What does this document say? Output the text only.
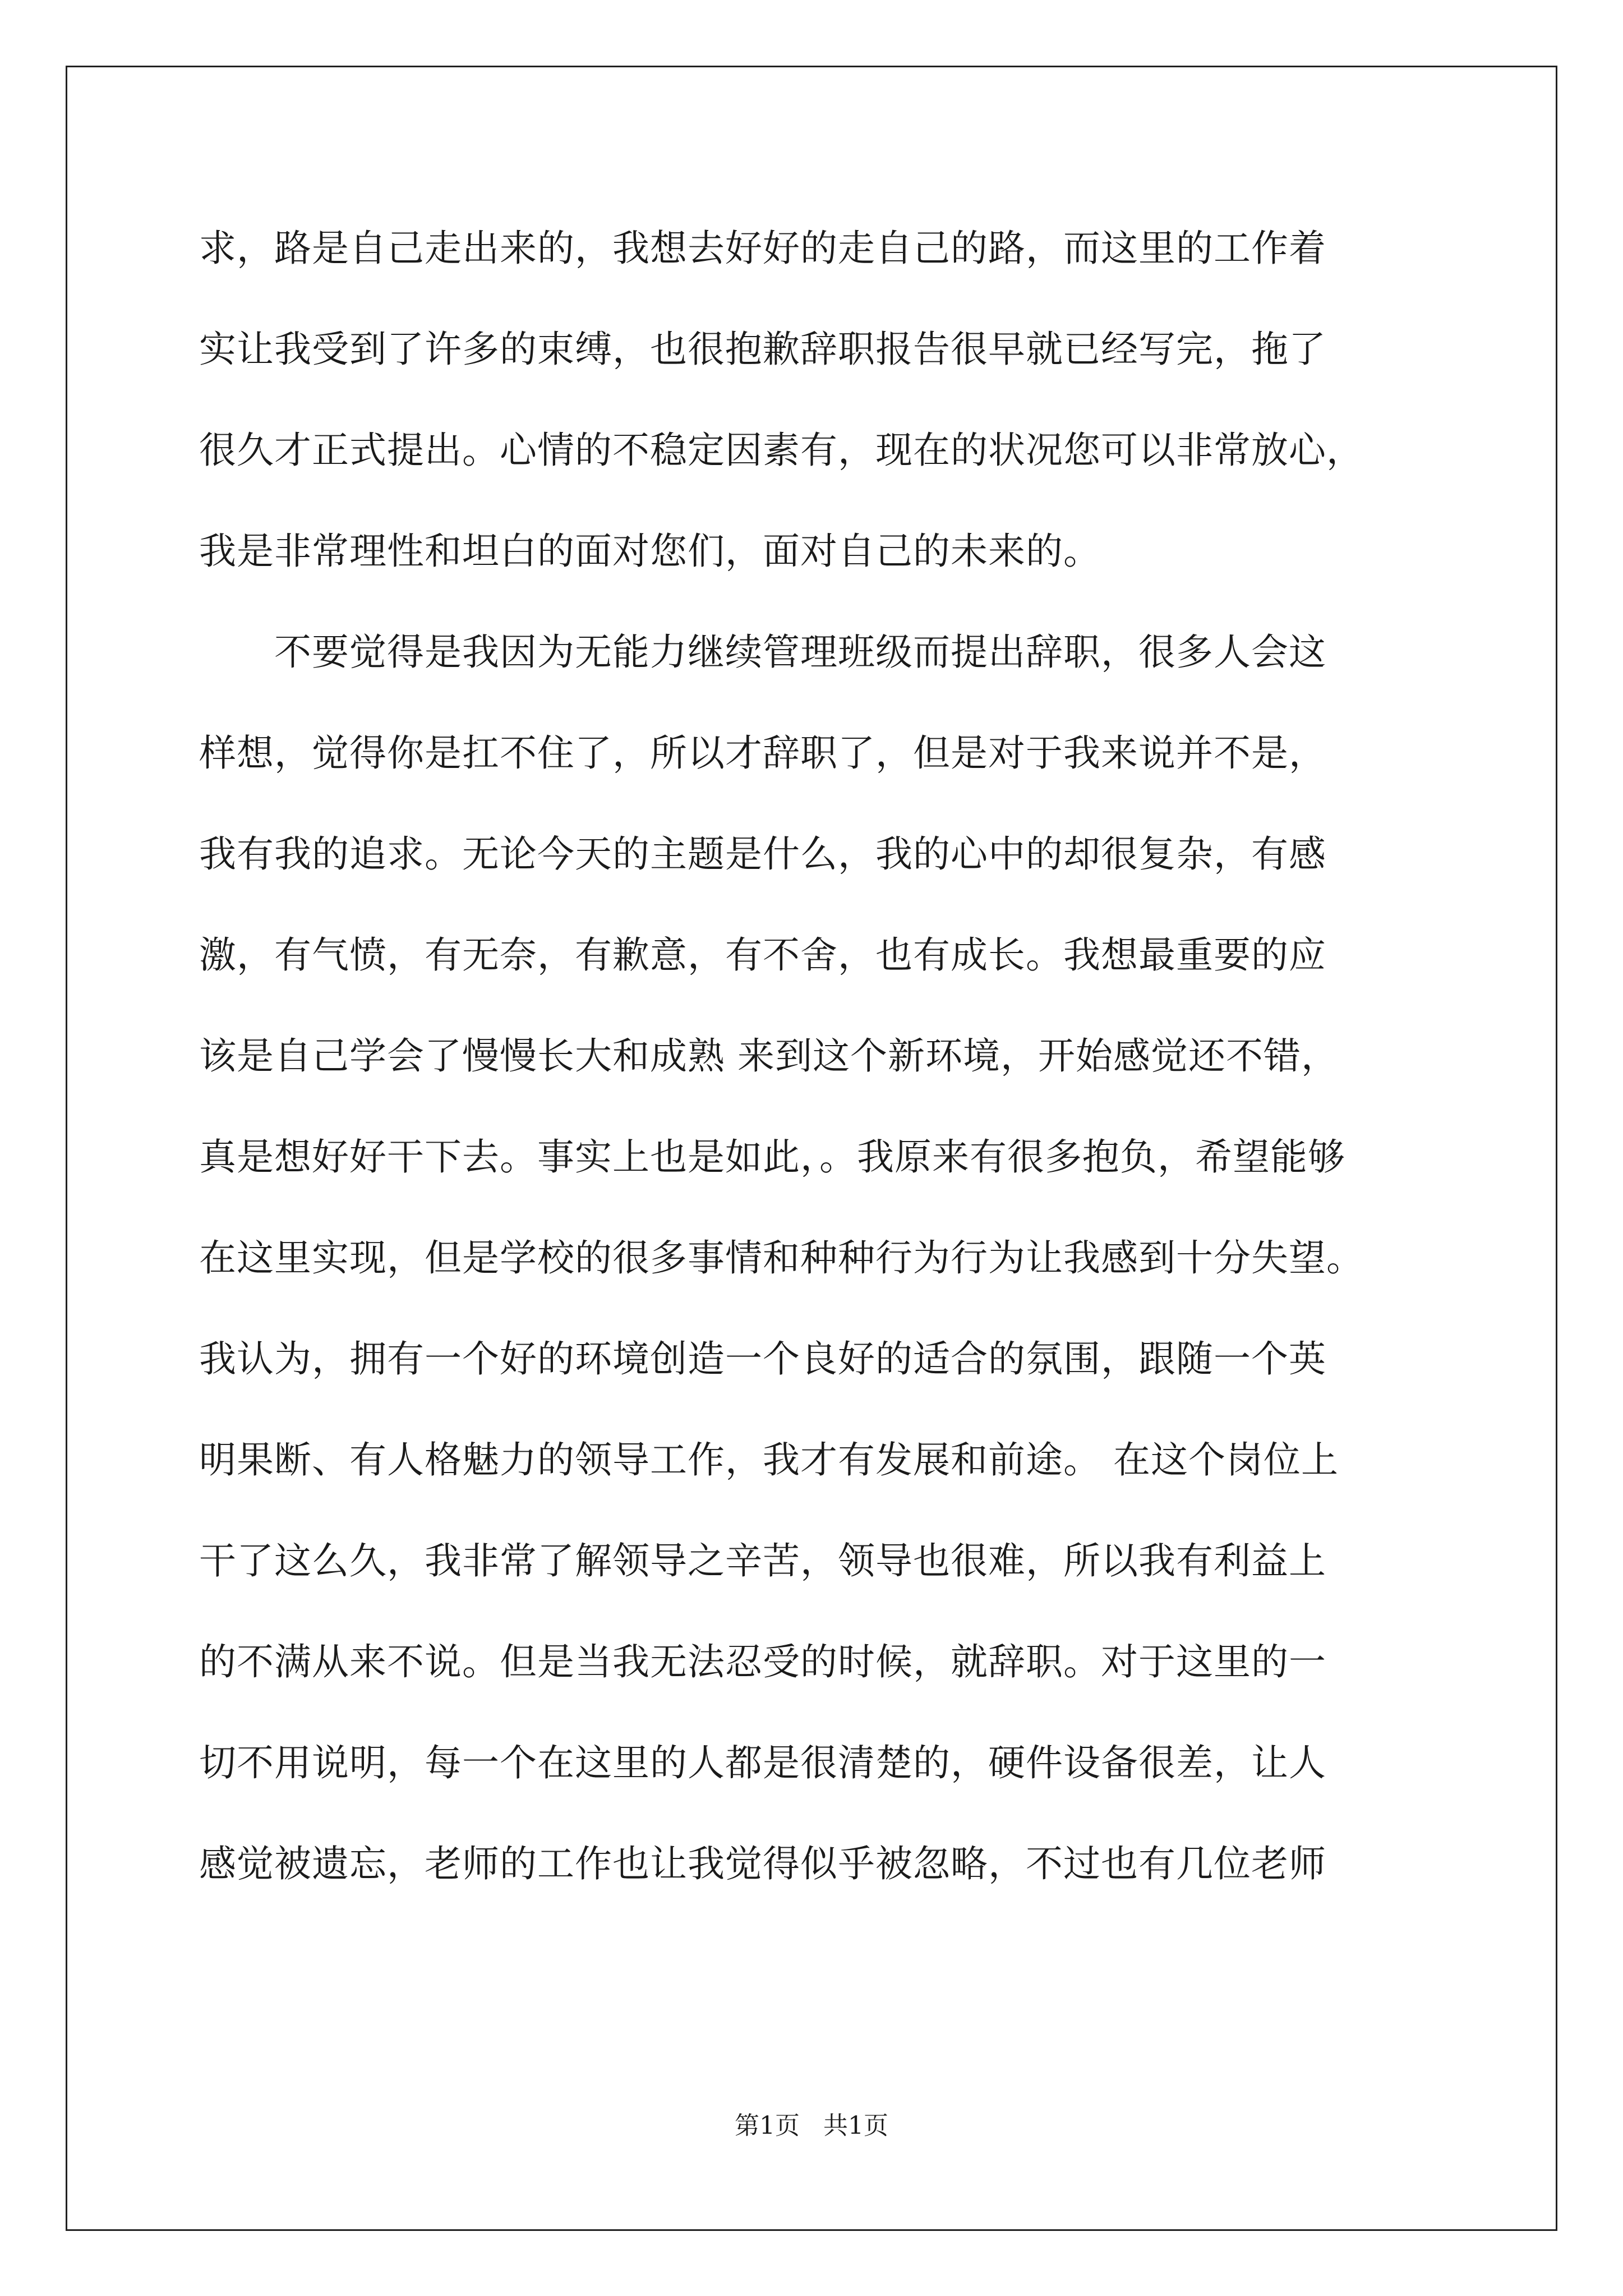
求，路是自己走出来的，我想去好好的走自己的路，而这里的工作着
实让我受到了许多的束缚，也很抱歉辞职报告很早就已经写完，拖了
很久才正式提出。心情的不稳定因素有，现在的状况您可以非常放心，
我是非常理性和坦白的面对您们，面对自己的未来的。
　　不要觉得是我因为无能力继续管理班级而提出辞职，很多人会这
样想，觉得你是扛不住了，所以才辞职了，但是对于我来说并不是，
我有我的追求。无论今天的主题是什么，我的心中的却很复杂，有感
激，有气愤，有无奈，有歉意，有不舍，也有成长。我想最重要的应
该是自己学会了慢慢长大和成熟 来到这个新环境，开始感觉还不错，
真是想好好干下去。事实上也是如此，。我原来有很多抱负，希望能够
在这里实现，但是学校的很多事情和种种行为行为让我感到十分失望。
我认为，拥有一个好的环境创造一个良好的适合的氛围，跟随一个英
明果断、有人格魅力的领导工作，我才有发展和前途。 在这个岗位上
干了这么久，我非常了解领导之辛苦，领导也很难，所以我有利益上
的不满从来不说。但是当我无法忍受的时候，就辞职。对于这里的一
切不用说明，每一个在这里的人都是很清楚的，硬件设备很差，让人
感觉被遗忘，老师的工作也让我觉得似乎被忽略，不过也有几位老师
第1页   共1页
